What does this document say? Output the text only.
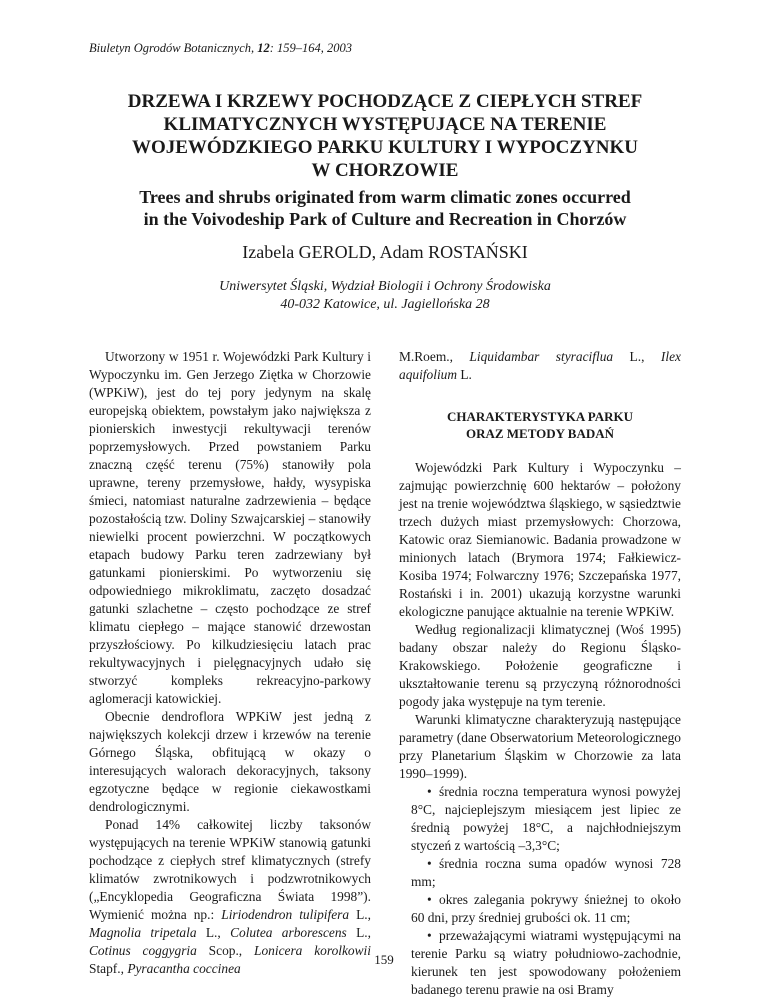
Biuletyn Ogrodów Botanicznych, 12: 159–164, 2003
DRZEWA I KRZEWY POCHODZĄCE Z CIEPŁYCH STREF
KLIMATYCZNYCH WYSTĘPUJĄCE NA TERENIE
WOJEWÓDZKIEGO PARKU KULTURY I WYPOCZYNKU
W CHORZOWIE
Trees and shrubs originated from warm climatic zones occurred
in the Voivodeship Park of Culture and Recreation in Chorzów
Izabela GEROLD, Adam ROSTAŃSKI
Uniwersytet Śląski, Wydział Biologii i Ochrony Środowiska
40-032 Katowice, ul. Jagiellońska 28

Utworzony w 1951 r. Wojewódzki Park Kultury i Wypoczynku im. Gen Jerzego Ziętka w Chorzowie (WPKiW), jest do tej pory jedynym na skalę europejską obiektem, powstałym jako największa z pionierskich inwestycji rekultywacji terenów poprzemysłowych. Przed powstaniem Parku znaczną część terenu (75%) stanowiły pola uprawne, tereny przemysłowe, hałdy, wysypiska śmieci, natomiast naturalne zadrzewienia – będące pozostałością tzw. Doliny Szwajcarskiej – stanowiły niewielki procent powierzchni. W początkowych etapach budowy Parku teren zadrzewiany był gatunkami pionierskimi. Po wytworzeniu się odpowiedniego mikroklimatu, zaczęto dosadzać gatunki szlachetne – często pochodzące ze stref klimatu ciepłego – mające stanowić drzewostan przyszłościowy. Po kilkudziesięciu latach prac rekultywacyjnych i pielęgnacyjnych udało się stworzyć kompleks rekreacyjno-parkowy aglomeracji katowickiej.

Obecnie dendroflora WPKiW jest jedną z największych kolekcji drzew i krzewów na terenie Górnego Śląska, obfitującą w okazy o interesujących walorach dekoracyjnych, taksony egzotyczne będące w regionie ciekawostkami dendrologicznymi.

Ponad 14% całkowitej liczby taksonów występujących na terenie WPKiW stanowią gatunki pochodzące z ciepłych stref klimatycznych (strefy klimatów zwrotnikowych i podzwrotnikowych („Encyklopedia Geograficzna Świata 1998”). Wymienić można np.: Liriodendron tulipifera L., Magnolia tripetala L., Colutea arborescens L., Cotinus coggygria Scop., Lonicera korolkowii Stapf., Pyracantha coccinea

M.Roem., Liquidambar styraciflua L., Ilex aquifolium L.

CHARAKTERYSTYKA PARKU
ORAZ METODY BADAŃ

Wojewódzki Park Kultury i Wypoczynku – zajmując powierzchnię 600 hektarów – położony jest na trenie województwa śląskiego, w sąsiedztwie trzech dużych miast przemysłowych: Chorzowa, Katowic oraz Siemianowic. Badania prowadzone w minionych latach (Brymora 1974; Fałkiewicz-Kosiba 1974; Folwarczny 1976; Szczepańska 1977, Rostański i in. 2001) ukazują korzystne warunki ekologiczne panujące aktualnie na terenie WPKiW.

Według regionalizacji klimatycznej (Woś 1995) badany obszar należy do Regionu Śląsko-Krakowskiego. Położenie geograficzne i ukształtowanie terenu są przyczyną różnorodności pogody jaka występuje na tym terenie.

Warunki klimatyczne charakteryzują następujące parametry (dane Obserwatorium Meteorologicznego przy Planetarium Śląskim w Chorzowie za lata 1990–1999).

• średnia roczna temperatura wynosi powyżej 8°C, najcieplejszym miesiącem jest lipiec ze średnią powyżej 18°C, a najchłodniejszym styczeń z wartością –3,3°C;

• średnia roczna suma opadów wynosi 728 mm;

• okres zalegania pokrywy śnieżnej to około 60 dni, przy średniej grubości ok. 11 cm;

• przeważającymi wiatrami występującymi na terenie Parku są wiatry południowo-zachodnie, kierunek ten jest spowodowany położeniem badanego terenu prawie na osi Bramy

159
